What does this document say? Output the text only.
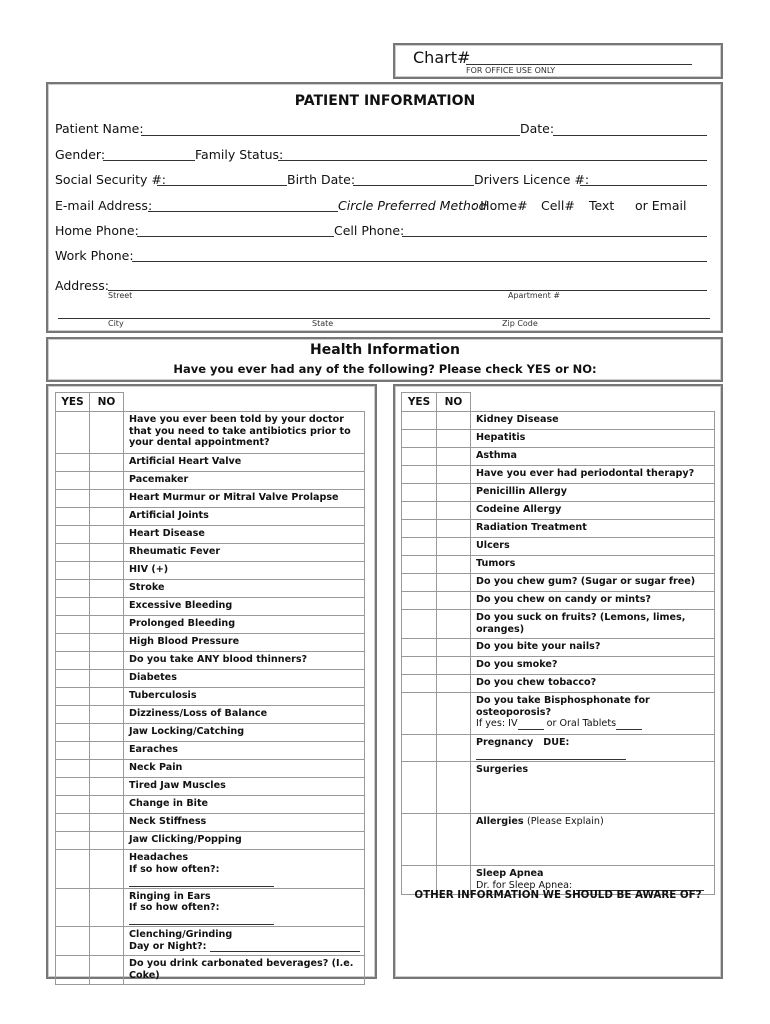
Chart#
FOR OFFICE USE ONLY
PATIENT INFORMATION
Patient Name:	Date:
Gender:	Family Status:
Social Security #:	Birth Date:	Drivers Licence #:
E-mail Address:	Circle Preferred Method
: Home# Cell# Text or Email
Home Phone:	Cell Phone:
Work Phone:
Address:
Street	Apartment #
City	State	Zip Code
Health Information
Have you ever had any of the following? Please check YES or NO:
YES	NO	
		Have you ever been told by your doctor that you need to take antibiotics prior to your dental appointment?
		Artificial Heart Valve
		Pacemaker
		Heart Murmur or Mitral Valve Prolapse
		Artificial Joints
		Heart Disease
		Rheumatic Fever
		HIV (+)
		Stroke
		Excessive Bleeding
		Prolonged Bleeding
		High Blood Pressure
		Do you take ANY blood thinners?
		Diabetes
		Tuberculosis
		Dizziness/Loss of Balance
		Jaw Locking/Catching
		Earaches
		Neck Pain
		Tired Jaw Muscles
		Change in Bite
		Neck Stiffness
		Jaw Clicking/Popping
		Headaches
If so how often?:
		Ringing in Ears
If so how often?:
		Clenching/Grinding
Day or Night?:
		Do you drink carbonated beverages? (I.e. Coke)
YES	NO	
		Kidney Disease
		Hepatitis
		Asthma
		Have you ever had periodontal therapy?
		Penicillin Allergy
		Codeine Allergy
		Radiation Treatment
		Ulcers
		Tumors
		Do you chew gum? (Sugar or sugar free)
		Do you chew on candy or mints?
		Do you suck on fruits? (Lemons, limes, oranges)
		Do you bite your nails?
		Do you smoke?
		Do you chew tobacco?
		Do you take Bisphosphonate for osteoporosis?
If yes: IV or Oral Tablets
		Pregnancy DUE:
		Surgeries
		Allergies (Please Explain)
		Sleep Apnea
Dr. for Sleep Apnea:
OTHER INFORMATION WE SHOULD BE AWARE OF?
